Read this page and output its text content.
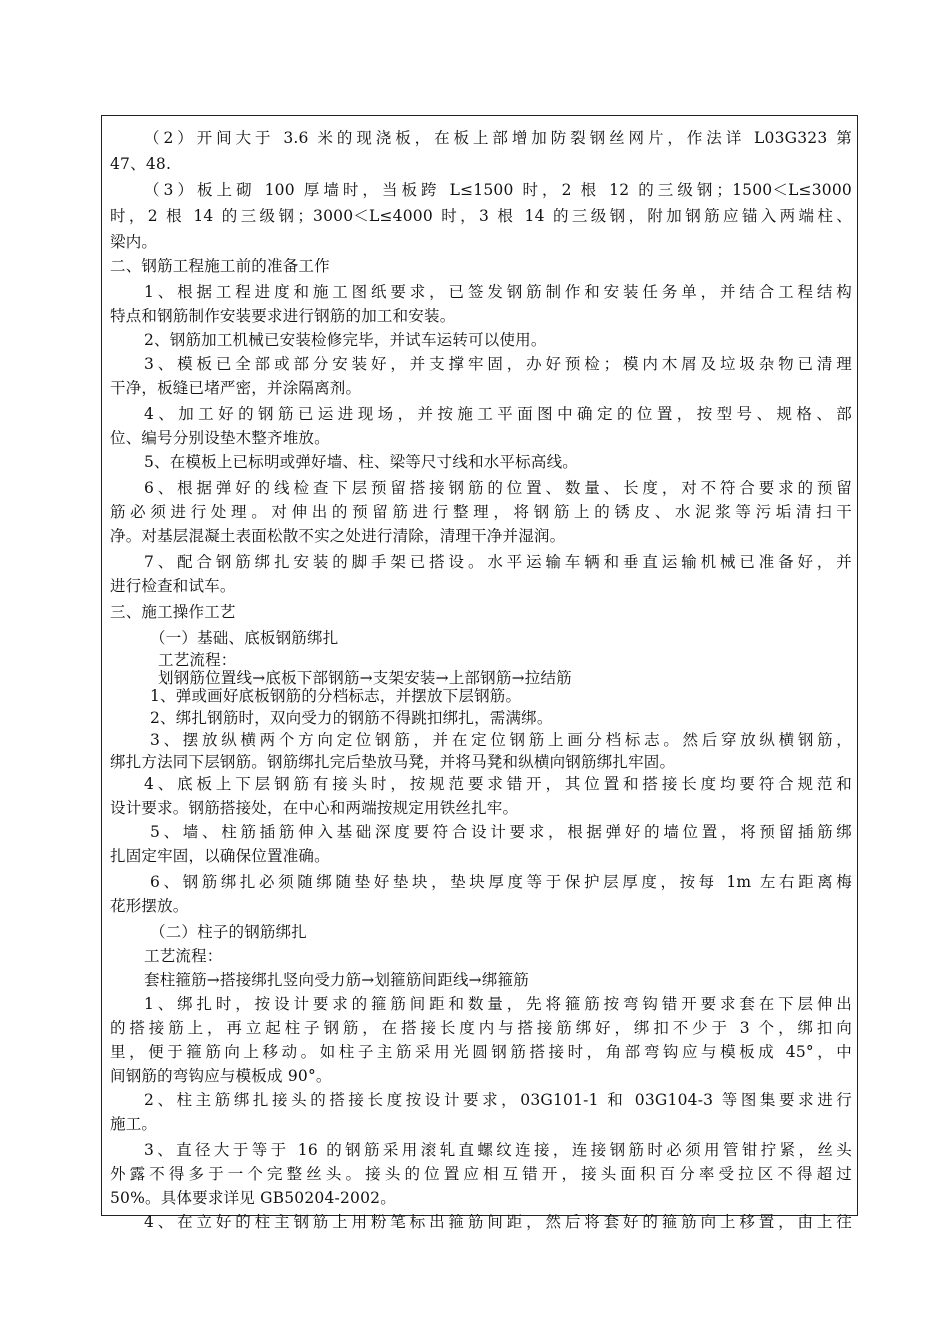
（2）开间大于 3.6 米的现浇板，在板上部增加防裂钢丝网片，作法详 L03G323 第
47、48.
（3）板上砌 100 厚墙时，当板跨 L≤1500 时，2 根 12 的三级钢；1500＜L≤3000
时，2 根 14 的三级钢；3000＜L≤4000 时，3 根 14 的三级钢，附加钢筋应锚入两端柱、
梁内。
二、钢筋工程施工前的准备工作
1、根据工程进度和施工图纸要求，已签发钢筋制作和安装任务单，并结合工程结构
特点和钢筋制作安装要求进行钢筋的加工和安装。
2、钢筋加工机械已安装检修完毕，并试车运转可以使用。
3、模板已全部或部分安装好，并支撑牢固，办好预检；模内木屑及垃圾杂物已清理
干净，板缝已堵严密，并涂隔离剂。
4、加工好的钢筋已运进现场，并按施工平面图中确定的位置，按型号、规格、部
位、编号分别设垫木整齐堆放。
5、在模板上已标明或弹好墙、柱、梁等尺寸线和水平标高线。
6、根据弹好的线检查下层预留搭接钢筋的位置、数量、长度，对不符合要求的预留
筋必须进行处理。对伸出的预留筋进行整理，将钢筋上的锈皮、水泥浆等污垢清扫干
净。对基层混凝土表面松散不实之处进行清除，清理干净并湿润。
7、配合钢筋绑扎安装的脚手架已搭设。水平运输车辆和垂直运输机械已准备好，并
进行检查和试车。
三、施工操作工艺
（一）基础、底板钢筋绑扎
工艺流程：
划钢筋位置线→底板下部钢筋→支架安装→上部钢筋→拉结筋
1、弹或画好底板钢筋的分档标志，并摆放下层钢筋。
2、绑扎钢筋时，双向受力的钢筋不得跳扣绑扎，需满绑。
3、摆放纵横两个方向定位钢筋，并在定位钢筋上画分档标志。然后穿放纵横钢筋，
绑扎方法同下层钢筋。钢筋绑扎完后垫放马凳，并将马凳和纵横向钢筋绑扎牢固。
4、底板上下层钢筋有接头时，按规范要求错开，其位置和搭接长度均要符合规范和
设计要求。钢筋搭接处，在中心和两端按规定用铁丝扎牢。
5、墙、柱筋插筋伸入基础深度要符合设计要求，根据弹好的墙位置，将预留插筋绑
扎固定牢固，以确保位置准确。
6、钢筋绑扎必须随绑随垫好垫块，垫块厚度等于保护层厚度，按每 1m 左右距离梅
花形摆放。
（二）柱子的钢筋绑扎
工艺流程：
套柱箍筋→搭接绑扎竖向受力筋→划箍筋间距线→绑箍筋
1、绑扎时，按设计要求的箍筋间距和数量，先将箍筋按弯钩错开要求套在下层伸出
的搭接筋上，再立起柱子钢筋，在搭接长度内与搭接筋绑好，绑扣不少于 3 个，绑扣向
里，便于箍筋向上移动。如柱子主筋采用光圆钢筋搭接时，角部弯钩应与模板成 45°，中
间钢筋的弯钩应与模板成 90°。
2、柱主筋绑扎接头的搭接长度按设计要求，03G101-1 和 03G104-3 等图集要求进行
施工。
3、直径大于等于 16 的钢筋采用滚轧直螺纹连接，连接钢筋时必须用管钳拧紧，丝头
外露不得多于一个完整丝头。接头的位置应相互错开，接头面积百分率受拉区不得超过
50%。具体要求详见 GB50204-2002。
4、在立好的柱主钢筋上用粉笔标出箍筋间距，然后将套好的箍筋向上移置，由上往
